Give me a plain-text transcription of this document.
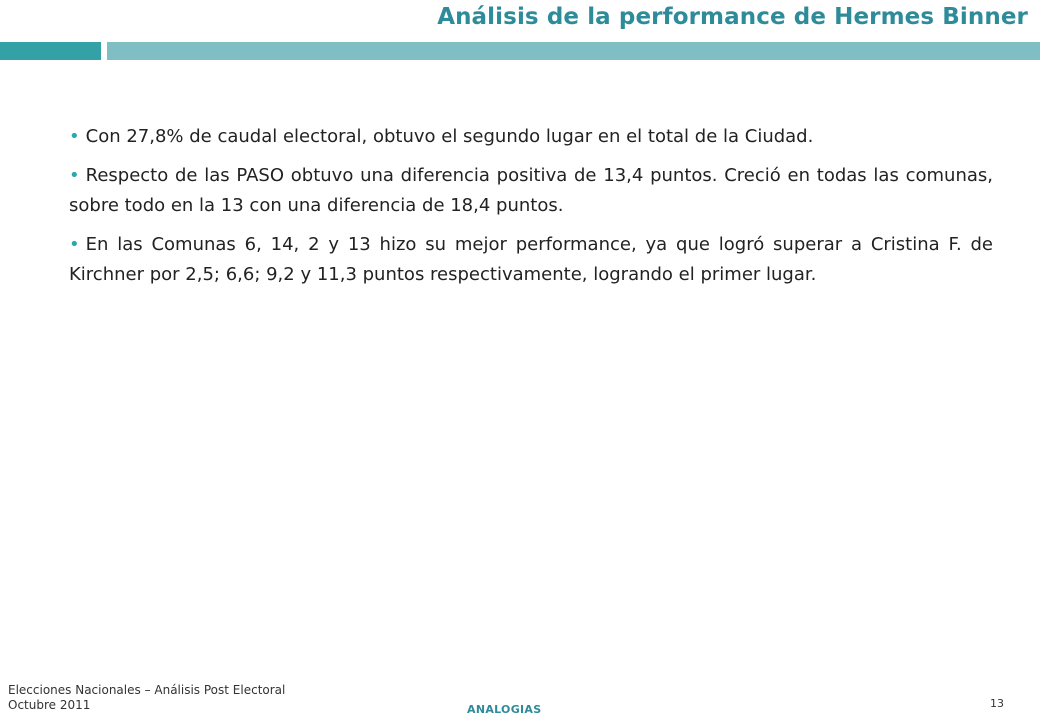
Análisis de la performance de Hermes Binner

• Con 27,8% de caudal electoral, obtuvo el segundo lugar en el total de la Ciudad.

• Respecto de las PASO obtuvo una diferencia positiva de 13,4 puntos. Creció en todas las comunas, sobre todo en la 13 con una diferencia de 18,4 puntos.

• En las Comunas 6, 14, 2 y 13 hizo su mejor performance, ya que logró superar a Cristina F. de Kirchner por 2,5; 6,6; 9,2 y 11,3 puntos respectivamente, logrando el primer lugar.

Elecciones Nacionales – Análisis Post Electoral
Octubre 2011	ANALOGIAS	13
